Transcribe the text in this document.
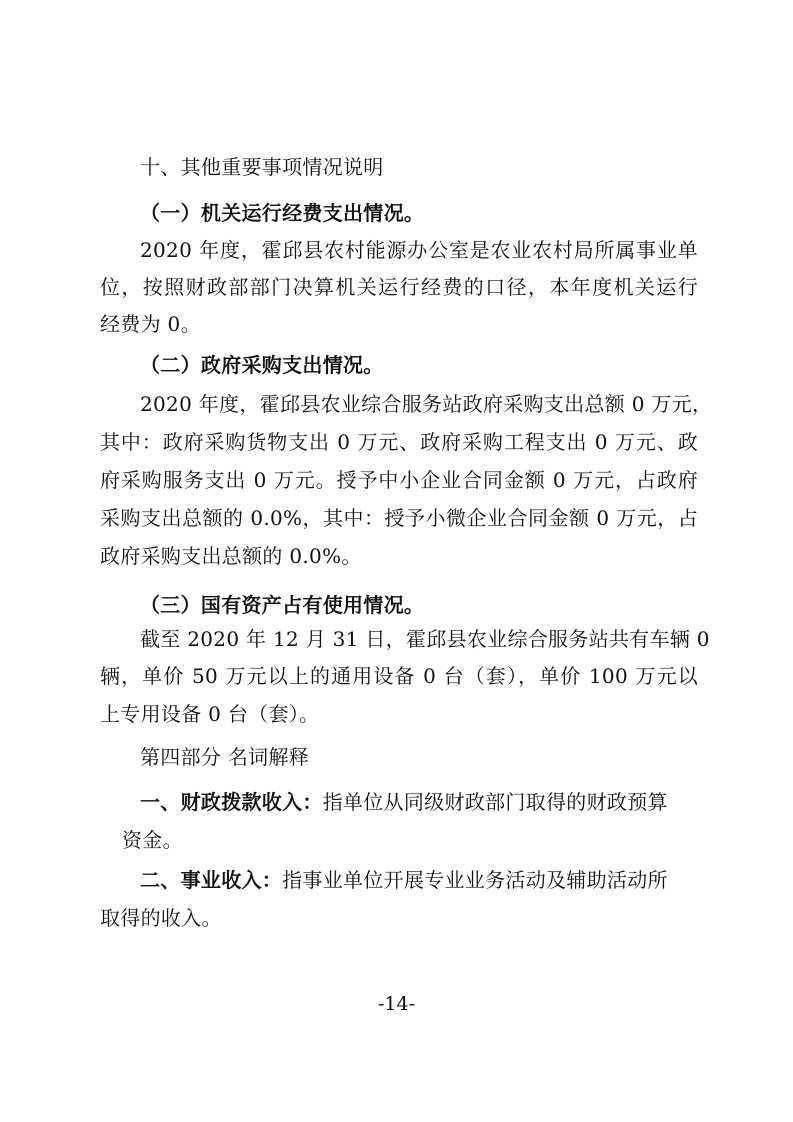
十、其他重要事项情况说明
（一）机关运行经费支出情况。
2020 年度，霍邱县农村能源办公室是农业农村局所属事业单
位，按照财政部部门决算机关运行经费的口径，本年度机关运行
经费为 0。
（二）政府采购支出情况。
2020 年度，霍邱县农业综合服务站政府采购支出总额 0 万元，
其中：政府采购货物支出 0 万元、政府采购工程支出 0 万元、政
府采购服务支出 0 万元。授予中小企业合同金额 0 万元，占政府
采购支出总额的 0.0%，其中：授予小微企业合同金额 0 万元，占
政府采购支出总额的 0.0%。
（三）国有资产占有使用情况。
截至 2020 年 12 月 31 日，霍邱县农业综合服务站共有车辆 0
辆，单价 50 万元以上的通用设备 0 台（套），单价 100 万元以
上专用设备 0 台（套）。
第四部分 名词解释
一、财政拨款收入：指单位从同级财政部门取得的财政预算
资金。
二、事业收入：指事业单位开展专业业务活动及辅助活动所
取得的收入。
-14-
